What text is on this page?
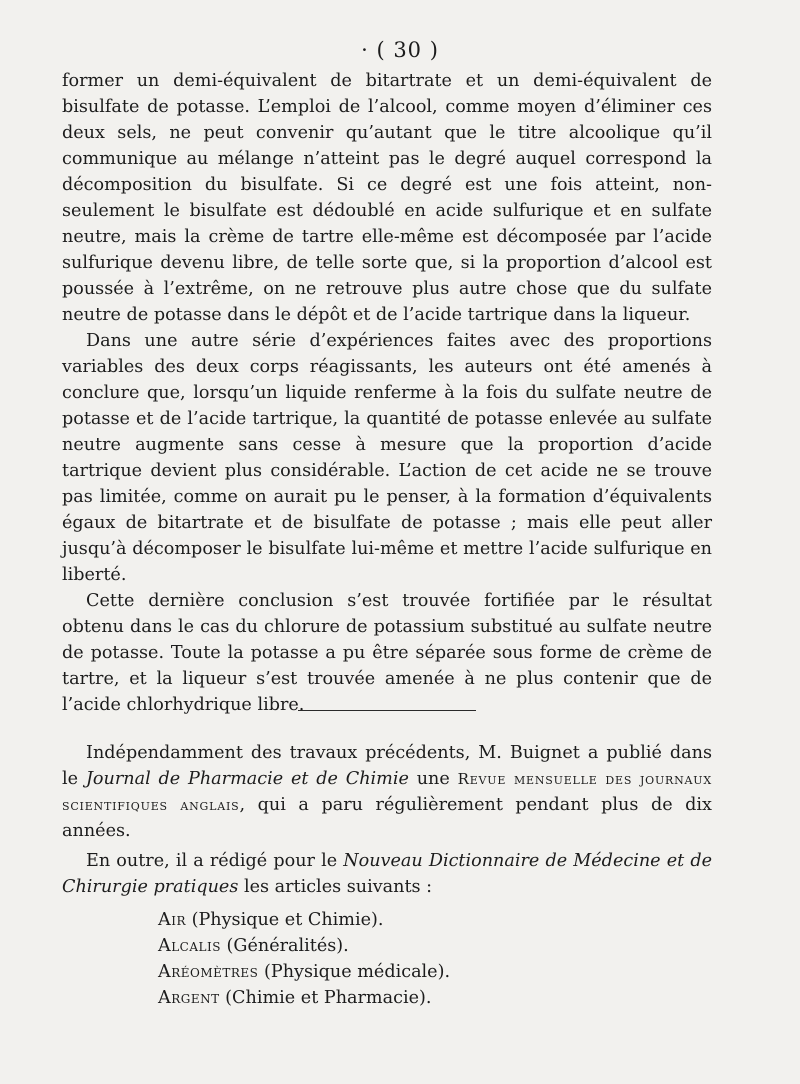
· ( 30 )

former un demi-équivalent de bitartrate et un demi-équivalent de bisulfate de potasse. L’emploi de l’alcool, comme moyen d’éliminer ces deux sels, ne peut convenir qu’autant que le titre alcoolique qu’il communique au mélange n’atteint pas le degré auquel correspond la décomposition du bisulfate. Si ce degré est une fois atteint, non-seulement le bisulfate est dédoublé en acide sulfurique et en sulfate neutre, mais la crème de tartre elle-même est décomposée par l’acide sulfurique devenu libre, de telle sorte que, si la proportion d’alcool est poussée à l’extrême, on ne retrouve plus autre chose que du sulfate neutre de potasse dans le dépôt et de l’acide tartrique dans la liqueur.

Dans une autre série d’expériences faites avec des proportions variables des deux corps réagissants, les auteurs ont été amenés à conclure que, lorsqu’un liquide renferme à la fois du sulfate neutre de potasse et de l’acide tartrique, la quantité de potasse enlevée au sulfate neutre augmente sans cesse à mesure que la proportion d’acide tartrique devient plus considérable. L’action de cet acide ne se trouve pas limitée, comme on aurait pu le penser, à la formation d’équivalents égaux de bitartrate et de bisulfate de potasse ; mais elle peut aller jusqu’à décomposer le bisulfate lui-même et mettre l’acide sulfurique en liberté.

Cette dernière conclusion s’est trouvée fortifiée par le résultat obtenu dans le cas du chlorure de potassium substitué au sulfate neutre de potasse. Toute la potasse a pu être séparée sous forme de crème de tartre, et la liqueur s’est trouvée amenée à ne plus contenir que de l’acide chlorhydrique libre.

Indépendamment des travaux précédents, M. Buignet a publié dans le Journal de Pharmacie et de Chimie une Revue mensuelle des journaux scientifiques anglais, qui a paru régulièrement pendant plus de dix années.

En outre, il a rédigé pour le Nouveau Dictionnaire de Médecine et de Chirurgie pratiques les articles suivants :

Air (Physique et Chimie).
Alcalis (Généralités).
Aréomètres (Physique médicale).
Argent (Chimie et Pharmacie).
